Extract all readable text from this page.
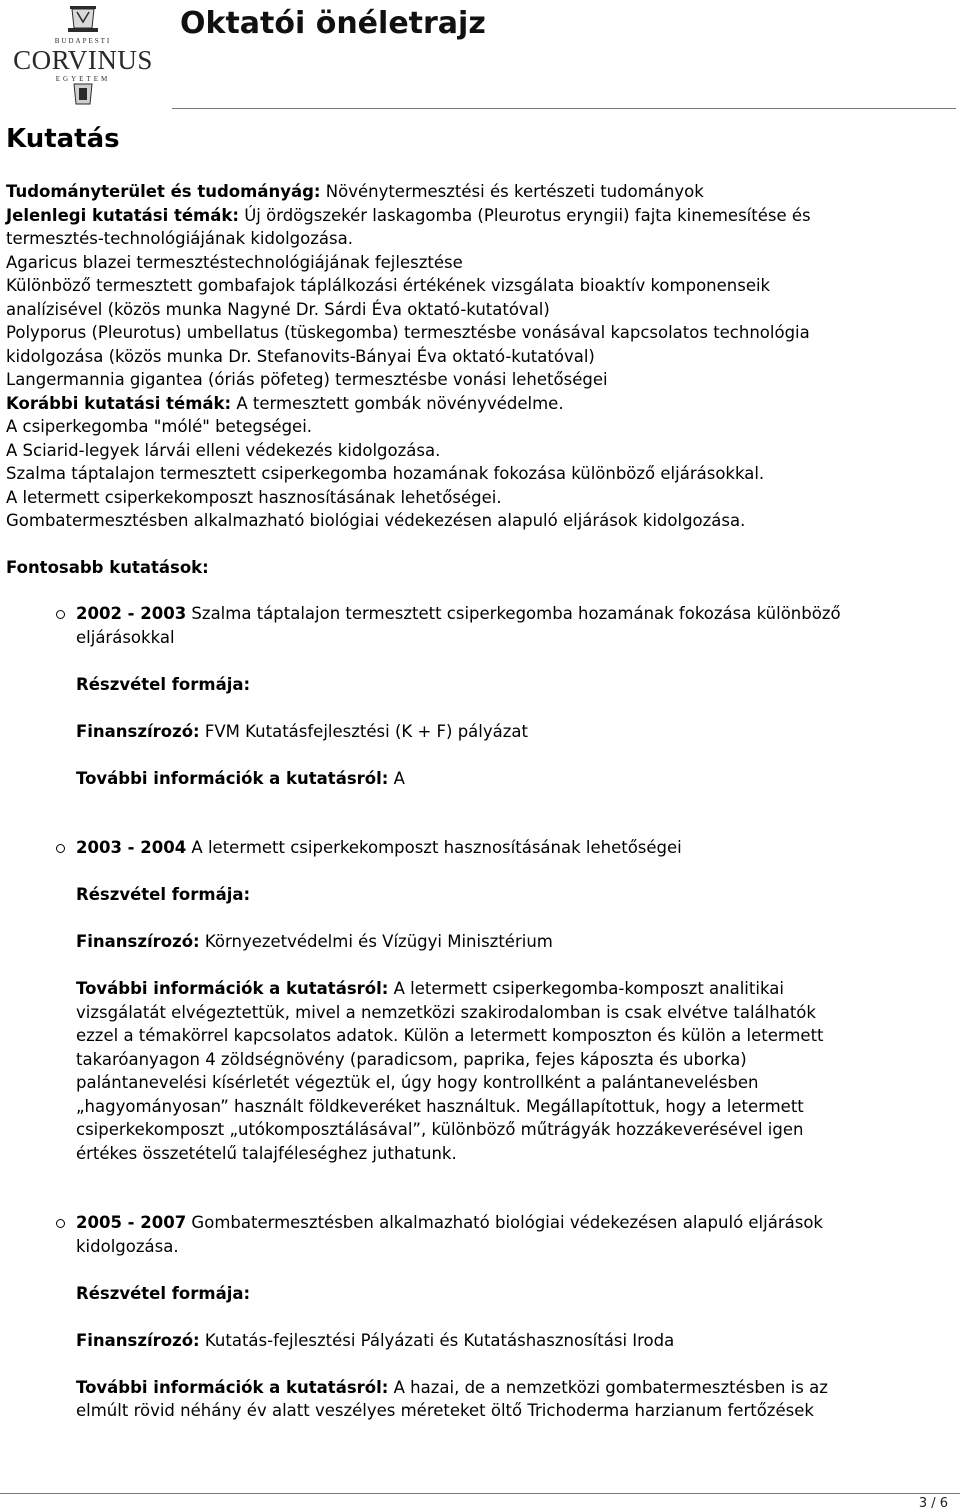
BUDAPESTI
CORVINUS
EGYETEM
Oktatói önéletrajz
Kutatás
Tudományterület és tudományág: Növénytermesztési és kertészeti tudományok
Jelenlegi kutatási témák: Új ördögszekér laskagomba (Pleurotus eryngii) fajta kinemesítése és
termesztés-technológiájának kidolgozása.
Agaricus blazei termesztéstechnológiájának fejlesztése
Különböző termesztett gombafajok táplálkozási értékének vizsgálata bioaktív komponenseik
analízisével (közös munka Nagyné Dr. Sárdi Éva oktató-kutatóval)
Polyporus (Pleurotus) umbellatus (tüskegomba) termesztésbe vonásával kapcsolatos technológia
kidolgozása (közös munka Dr. Stefanovits-Bányai Éva oktató-kutatóval)
Langermannia gigantea (óriás pöfeteg) termesztésbe vonási lehetőségei
Korábbi kutatási témák: A termesztett gombák növényvédelme.
A csiperkegomba "mólé" betegségei.
A Sciarid-legyek lárvái elleni védekezés kidolgozása.
Szalma táptalajon termesztett csiperkegomba hozamának fokozása különböző eljárásokkal.
A letermett csiperkekomposzt hasznosításának lehetőségei.
Gombatermesztésben alkalmazható biológiai védekezésen alapuló eljárások kidolgozása.
Fontosabb kutatások:
2002 - 2003 Szalma táptalajon termesztett csiperkegomba hozamának fokozása különböző
eljárásokkal
Részvétel formája:
Finanszírozó: FVM Kutatásfejlesztési (K + F) pályázat
További információk a kutatásról: A
2003 - 2004 A letermett csiperkekomposzt hasznosításának lehetőségei
Részvétel formája:
Finanszírozó: Környezetvédelmi és Vízügyi Minisztérium
További információk a kutatásról: A letermett csiperkegomba-komposzt analitikai
vizsgálatát elvégeztettük, mivel a nemzetközi szakirodalomban is csak elvétve találhatók
ezzel a témakörrel kapcsolatos adatok. Külön a letermett komposzton és külön a letermett
takaróanyagon 4 zöldségnövény (paradicsom, paprika, fejes káposzta és uborka)
palántanevelési kísérletét végeztük el, úgy hogy kontrollként a palántanevelésben
„hagyományosan” használt földkeveréket használtuk. Megállapítottuk, hogy a letermett
csiperkekomposzt „utókomposztálásával”, különböző műtrágyák hozzákeverésével igen
értékes összetételű talajféleséghez juthatunk.
2005 - 2007 Gombatermesztésben alkalmazható biológiai védekezésen alapuló eljárások
kidolgozása.
Részvétel formája:
Finanszírozó: Kutatás-fejlesztési Pályázati és Kutatáshasznosítási Iroda
További információk a kutatásról: A hazai, de a nemzetközi gombatermesztésben is az
elmúlt rövid néhány év alatt veszélyes méreteket öltő Trichoderma harzianum fertőzések
3 / 6
